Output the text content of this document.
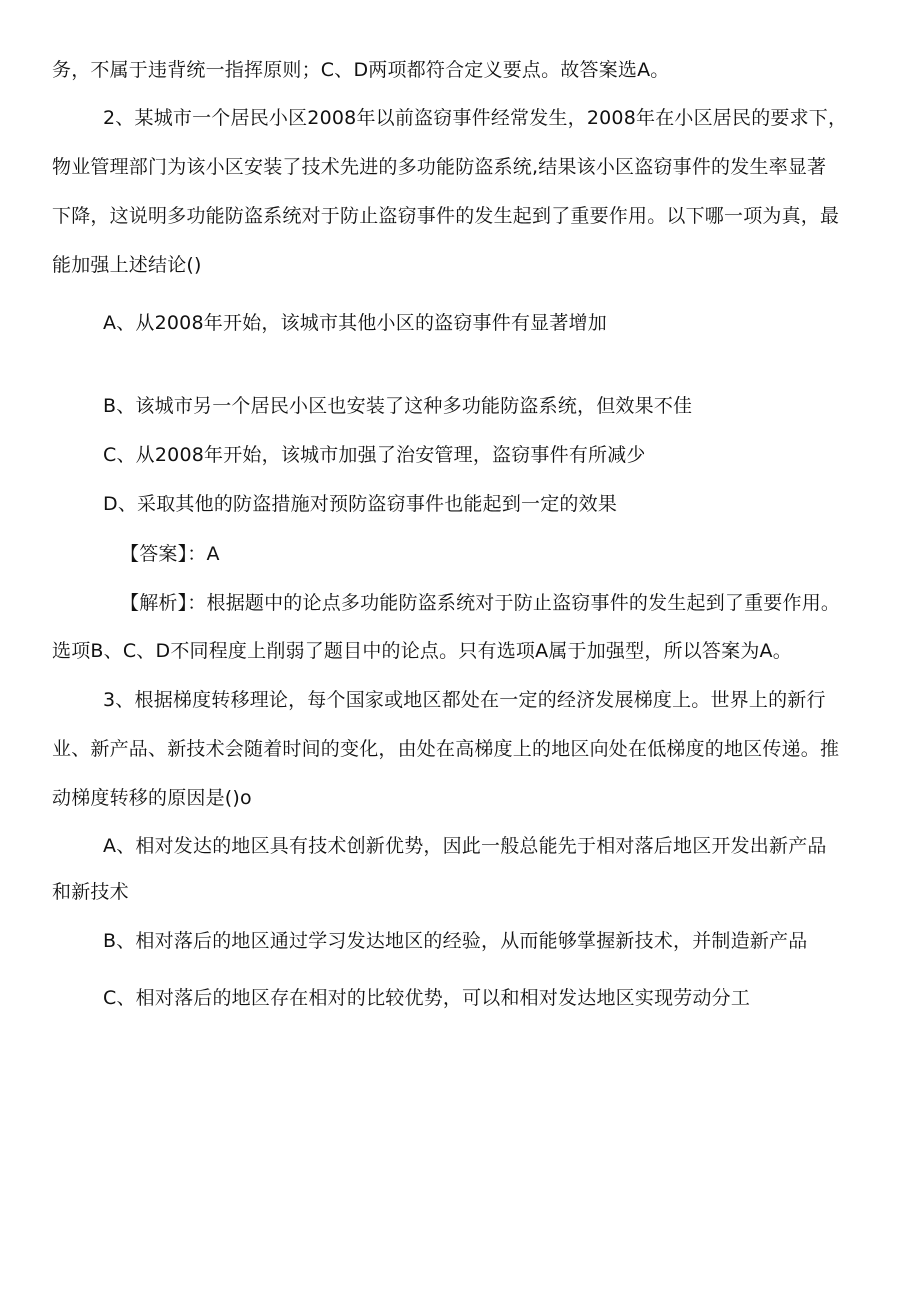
务，不属于违背统一指挥原则；C、D两项都符合定义要点。故答案选A。
2、某城市一个居民小区2008年以前盗窃事件经常发生，2008年在小区居民的要求下，
物业管理部门为该小区安装了技术先进的多功能防盗系统,结果该小区盗窃事件的发生率显著
下降，这说明多功能防盗系统对于防止盗窃事件的发生起到了重要作用。以下哪一项为真，最
能加强上述结论()
A、从2008年开始，该城市其他小区的盗窃事件有显著增加
B、该城市另一个居民小区也安装了这种多功能防盗系统，但效果不佳
C、从2008年开始，该城市加强了治安管理，盗窃事件有所减少
D、采取其他的防盗措施对预防盗窃事件也能起到一定的效果
【答案】：A
【解析】：根据题中的论点多功能防盗系统对于防止盗窃事件的发生起到了重要作用。
选项B、C、D不同程度上削弱了题目中的论点。只有选项A属于加强型，所以答案为A。
3、根据梯度转移理论，每个国家或地区都处在一定的经济发展梯度上。世界上的新行
业、新产品、新技术会随着时间的变化，由处在高梯度上的地区向处在低梯度的地区传递。推
动梯度转移的原因是()o
A、相对发达的地区具有技术创新优势，因此一般总能先于相对落后地区开发出新产品
和新技术
B、相对落后的地区通过学习发达地区的经验，从而能够掌握新技术，并制造新产品
C、相对落后的地区存在相对的比较优势，可以和相对发达地区实现劳动分工
